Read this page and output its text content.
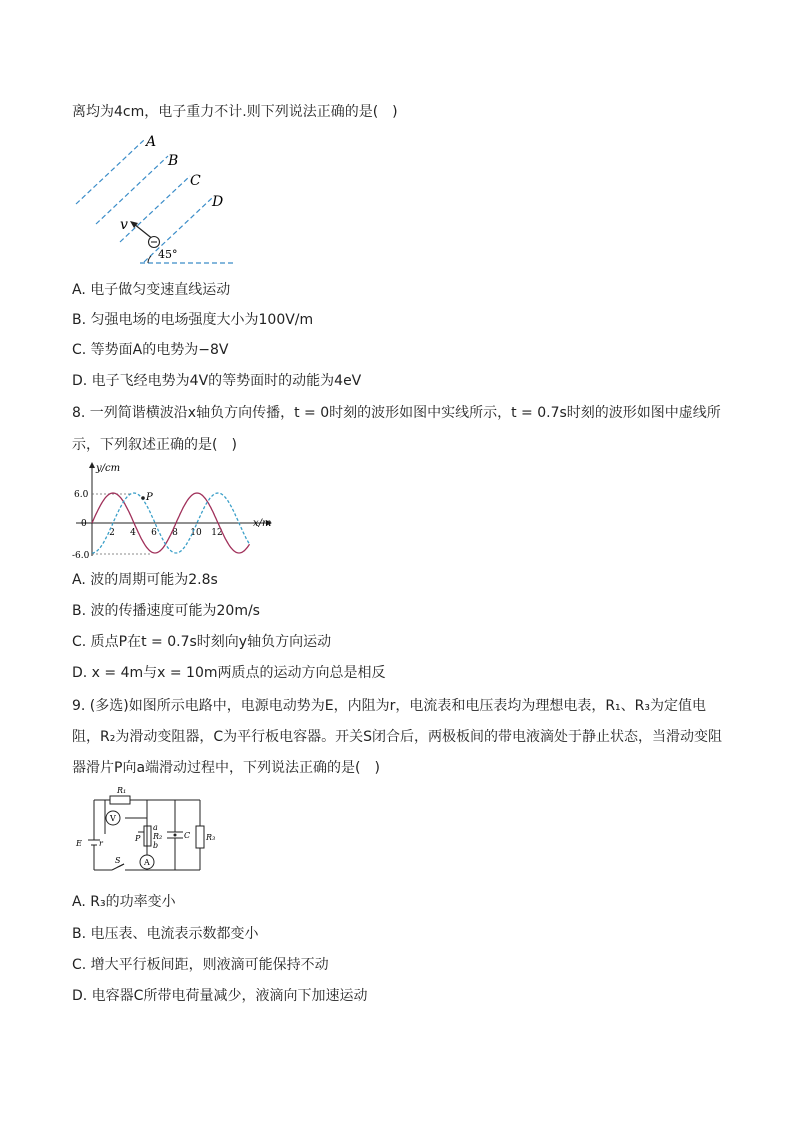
离均为4cm，电子重力不计.则下列说法正确的是(　)
A
B
C
D
v
45°
A. 电子做匀变速直线运动
B. 匀强电场的电场强度大小为100V/m
C. 等势面A的电势为−8V
D. 电子飞经电势为4V的等势面时的动能为4eV
8. 一列简谐横波沿x轴负方向传播，t = 0时刻的波形如图中实线所示，t = 0.7s时刻的波形如图中虚线所
示，下列叙述正确的是(　)
y/cm
x/m
6.0
0
-6.0
2 4 6 8 10 12
P
A. 波的周期可能为2.8s
B. 波的传播速度可能为20m/s
C. 质点P在t = 0.7s时刻向y轴负方向运动
D. x = 4m与x = 10m两质点的运动方向总是相反
9. (多选)如图所示电路中，电源电动势为E，内阻为r，电流表和电压表均为理想电表，R₁、R₃为定值电
阻，R₂为滑动变阻器，C为平行板电容器。开关S闭合后，两极板间的带电液滴处于静止状态，当滑动变阻
器滑片P向a端滑动过程中，下列说法正确的是(　)
R₁
V
A
a
R₂
b
P	C R₃
E r
S
A. R₃的功率变小
B. 电压表、电流表示数都变小
C. 增大平行板间距，则液滴可能保持不动
D. 电容器C所带电荷量减少，液滴向下加速运动
